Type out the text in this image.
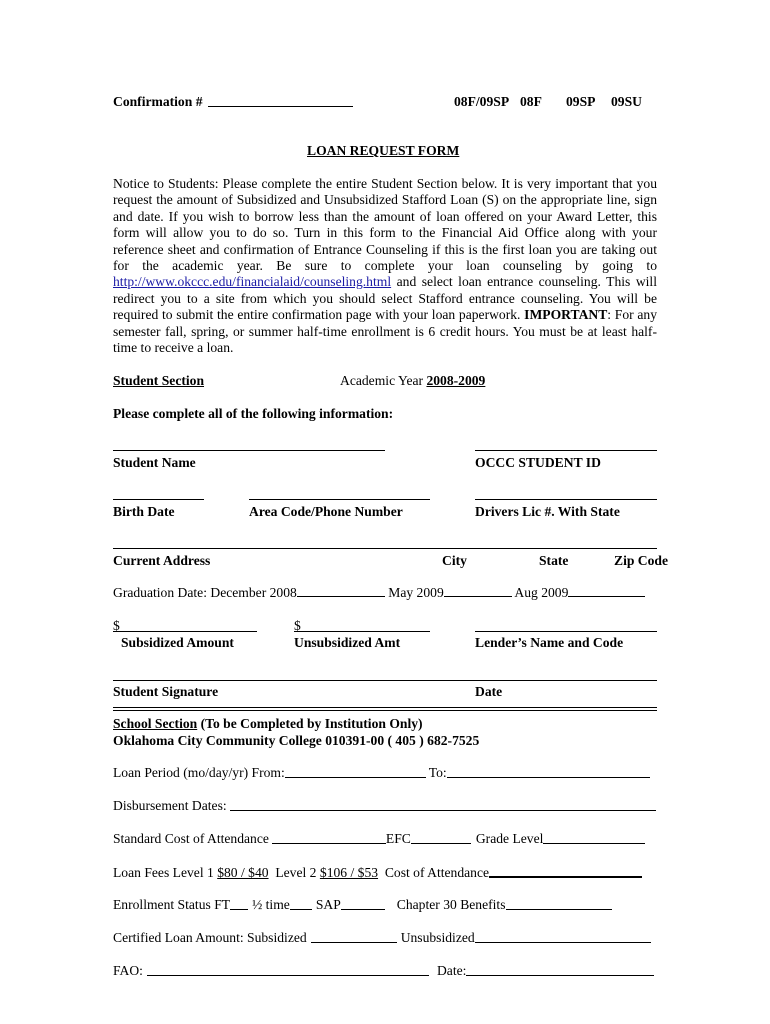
Confirmation #	08F/09SP 08F 09SP 09SU
LOAN REQUEST FORM
Notice to Students: Please complete the entire Student Section below. It is very important that you request the amount of Subsidized and Unsubsidized Stafford Loan (S) on the appropriate line, sign and date. If you wish to borrow less than the amount of loan offered on your Award Letter, this form will allow you to do so. Turn in this form to the Financial Aid Office along with your reference sheet and confirmation of Entrance Counseling if this is the first loan you are taking out for the academic year. Be sure to complete your loan counseling by going to http://www.okccc.edu/financialaid/counseling.html and select loan entrance counseling. This will redirect you to a site from which you should select Stafford entrance counseling. You will be required to submit the entire confirmation page with your loan paperwork. IMPORTANT: For any semester fall, spring, or summer half-time enrollment is 6 credit hours. You must be at least half-time to receive a loan.
Student Section	Academic Year 2008-2009
Please complete all of the following information:
Student Name	OCCC STUDENT ID
Birth Date	Area Code/Phone Number	Drivers Lic #. With State
Current Address	City	State	Zip Code
Graduation Date: December 2008	May 2009	Aug 2009
$	$
Subsidized Amount	Unsubsidized Amt	Lender’s Name and Code
Student Signature	Date
School Section (To be Completed by Institution Only)
Oklahoma City Community College 010391-00 ( 405 ) 682-7525
Loan Period (mo/day/yr) From:	To:
Disbursement Dates:
Standard Cost of Attendance	EFC	Grade Level
Loan Fees Level 1 $80 / $40 Level 2 $106 / $53 Cost of Attendance
Enrollment Status FT ½ time SAP	Chapter 30 Benefits
Certified Loan Amount: Subsidized	Unsubsidized
FAO:	Date:
